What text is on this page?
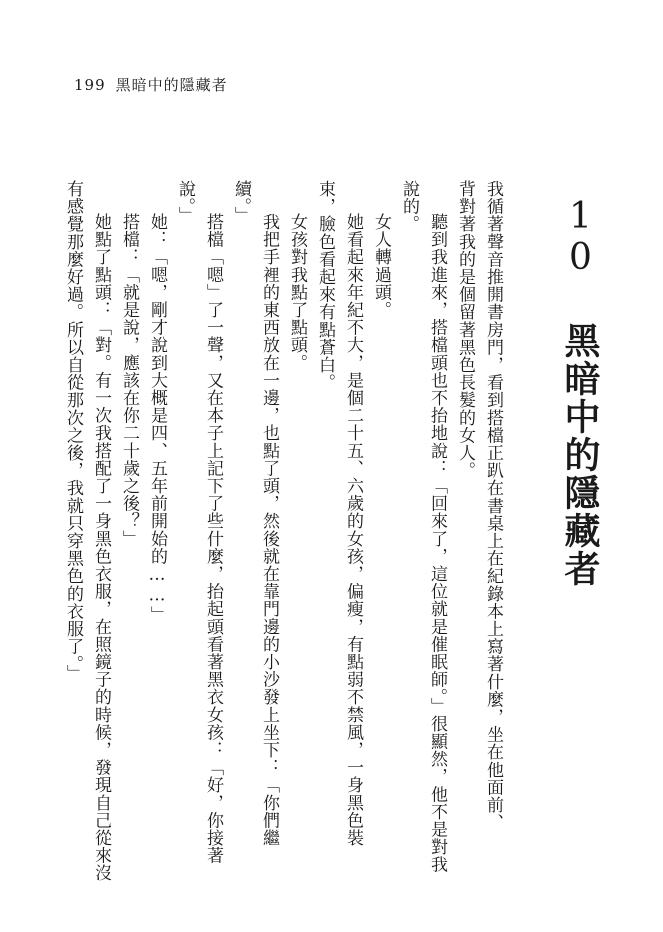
199 黑暗中的隱藏者
10 黑暗中的隱藏者
我循著聲音推開書房門，看到搭檔正趴在書桌上在紀錄本上寫著什麼，坐在他面前、
背對著我的是個留著黑色長髮的女人。
聽到我進來，搭檔頭也不抬地說：「回來了，這位就是催眠師。」很顯然，他不是對我
說的。
女人轉過頭。
她看起來年紀不大，是個二十五、六歲的女孩，偏瘦，有點弱不禁風，一身黑色裝
束，臉色看起來有點蒼白。
女孩對我點了點頭。
我把手裡的東西放在一邊，也點了頭，然後就在靠門邊的小沙發上坐下：「你們繼
續。」
搭檔「嗯」了一聲，又在本子上記下了些什麼，抬起頭看著黑衣女孩：「好，你接著
說。」
她：「嗯，剛才說到大概是四、五年前開始的……」
搭檔：「就是說，應該在你二十歲之後？」
她點了點頭：「對。有一次我搭配了一身黑色衣服，在照鏡子的時候，發現自己從來沒
有感覺那麼好過。所以自從那次之後，我就只穿黑色的衣服了。」
